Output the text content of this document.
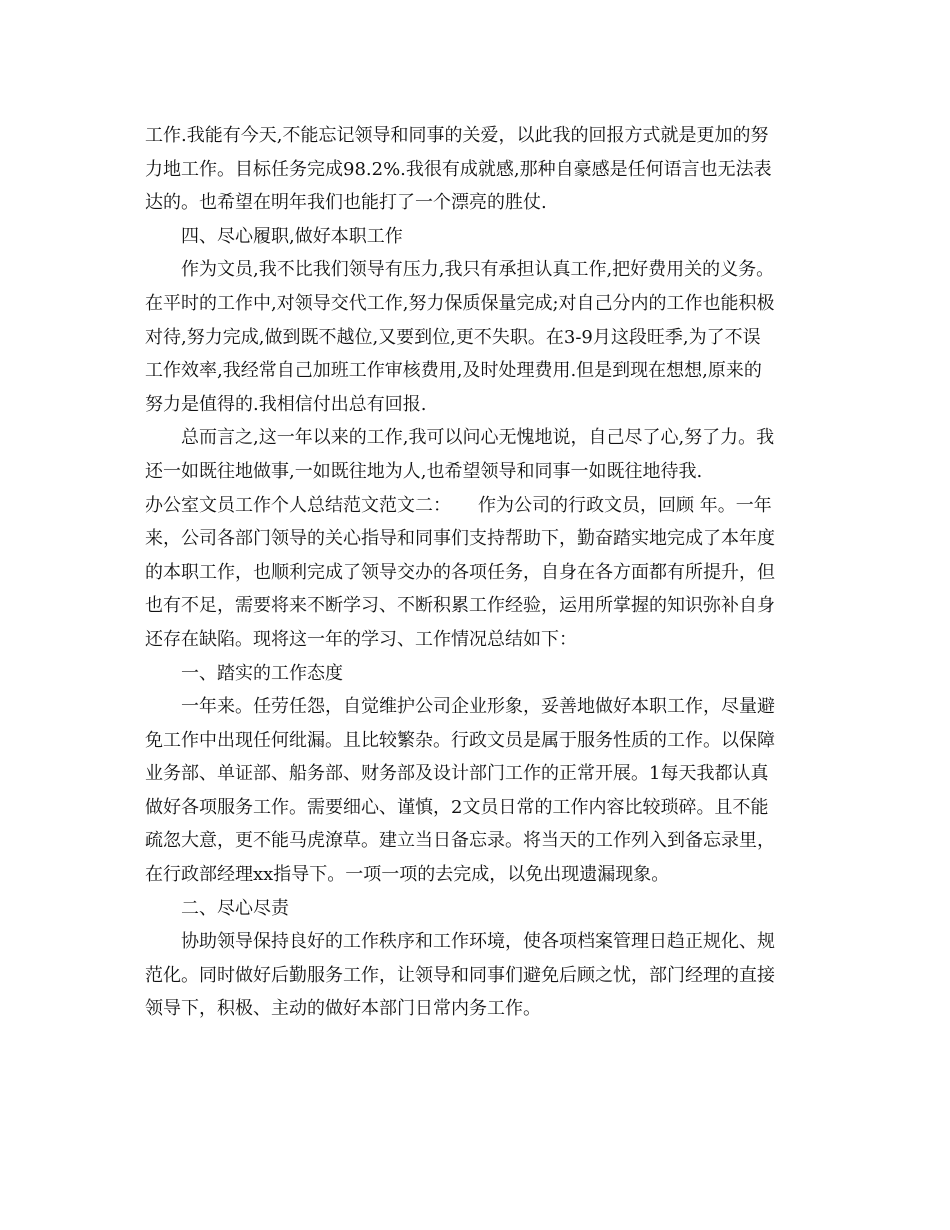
工作.我能有今天,不能忘记领导和同事的关爱，以此我的回报方式就是更加的努
力地工作。目标任务完成98.2%.我很有成就感,那种自豪感是任何语言也无法表
达的。也希望在明年我们也能打了一个漂亮的胜仗.
四、尽心履职,做好本职工作
作为文员,我不比我们领导有压力,我只有承担认真工作,把好费用关的义务。
在平时的工作中,对领导交代工作,努力保质保量完成;对自己分内的工作也能积极
对待,努力完成,做到既不越位,又要到位,更不失职。在3-9月这段旺季,为了不误
工作效率,我经常自己加班工作审核费用,及时处理费用.但是到现在想想,原来的
努力是值得的.我相信付出总有回报.
总而言之,这一年以来的工作,我可以问心无愧地说，自己尽了心,努了力。我
还一如既往地做事,一如既往地为人,也希望领导和同事一如既往地待我.
办公室文员工作个人总结范文范文二：　　作为公司的行政文员，回顾 年。一年
来，公司各部门领导的关心指导和同事们支持帮助下，勤奋踏实地完成了本年度
的本职工作，也顺利完成了领导交办的各项任务，自身在各方面都有所提升，但
也有不足，需要将来不断学习、不断积累工作经验，运用所掌握的知识弥补自身
还存在缺陷。现将这一年的学习、工作情况总结如下：
一、踏实的工作态度
一年来。任劳任怨，自觉维护公司企业形象，妥善地做好本职工作，尽量避
免工作中出现任何纰漏。且比较繁杂。行政文员是属于服务性质的工作。以保障
业务部、单证部、船务部、财务部及设计部门工作的正常开展。1每天我都认真
做好各项服务工作。需要细心、谨慎，2文员日常的工作内容比较琐碎。且不能
疏忽大意，更不能马虎潦草。建立当日备忘录。将当天的工作列入到备忘录里，
在行政部经理xx指导下。一项一项的去完成，以免出现遗漏现象。
二、尽心尽责
协助领导保持良好的工作秩序和工作环境，使各项档案管理日趋正规化、规
范化。同时做好后勤服务工作，让领导和同事们避免后顾之忧，部门经理的直接
领导下，积极、主动的做好本部门日常内务工作。
